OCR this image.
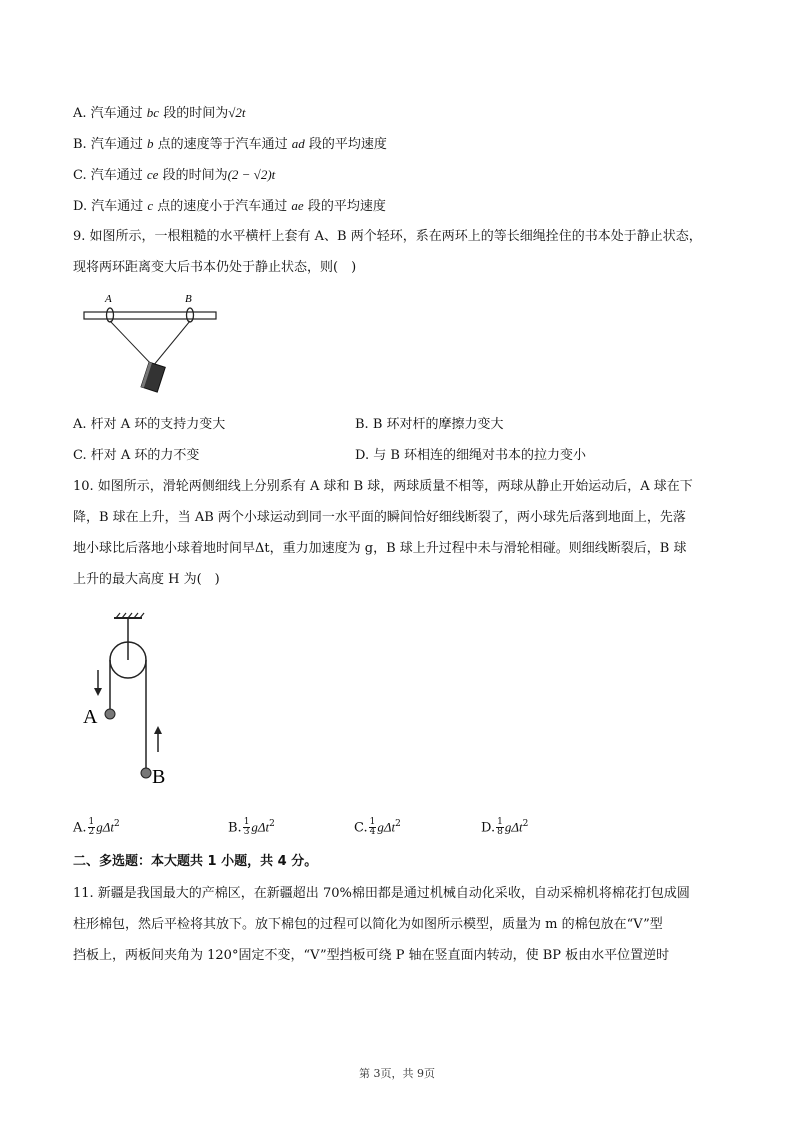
A. 汽车通过 bc 段的时间为√2t
B. 汽车通过 b 点的速度等于汽车通过 ad 段的平均速度
C. 汽车通过 ce 段的时间为(2 − √2)t
D. 汽车通过 c 点的速度小于汽车通过 ae 段的平均速度
9. 如图所示，一根粗糙的水平横杆上套有 A、B 两个轻环，系在两环上的等长细绳拴住的书本处于静止状态，
现将两环距离变大后书本仍处于静止状态，则(　)
A	B
A. 杆对 A 环的支持力变大	B. B 环对杆的摩擦力变大
C. 杆对 A 环的力不变	D. 与 B 环相连的细绳对书本的拉力变小
10. 如图所示，滑轮两侧细线上分别系有 A 球和 B 球，两球质量不相等，两球从静止开始运动后，A 球在下
降，B 球在上升，当 AB 两个小球运动到同一水平面的瞬间恰好细线断裂了，两小球先后落到地面上，先落
地小球比后落地小球着地时间早Δt，重力加速度为 g，B 球上升过程中未与滑轮相碰。则细线断裂后，B 球
上升的最大高度 H 为(　)
A
B
A. $\frac{1}{2} g\Delta t^2$	B. $\frac{1}{3} g\Delta t^2$	C. $\frac{1}{4} g\Delta t^2$	D. $\frac{1}{8} g\Delta t^2$
二、多选题：本大题共 1 小题，共 4 分。
11. 新疆是我国最大的产棉区，在新疆超出 70%棉田都是通过机械自动化采收，自动采棉机将棉花打包成圆
柱形棉包，然后平检将其放下。放下棉包的过程可以简化为如图所示模型，质量为 m 的棉包放在“V”型
挡板上，两板间夹角为 120°固定不变，“V”型挡板可绕 P 轴在竖直面内转动，使 BP 板由水平位置逆时
第 3页，共 9页
